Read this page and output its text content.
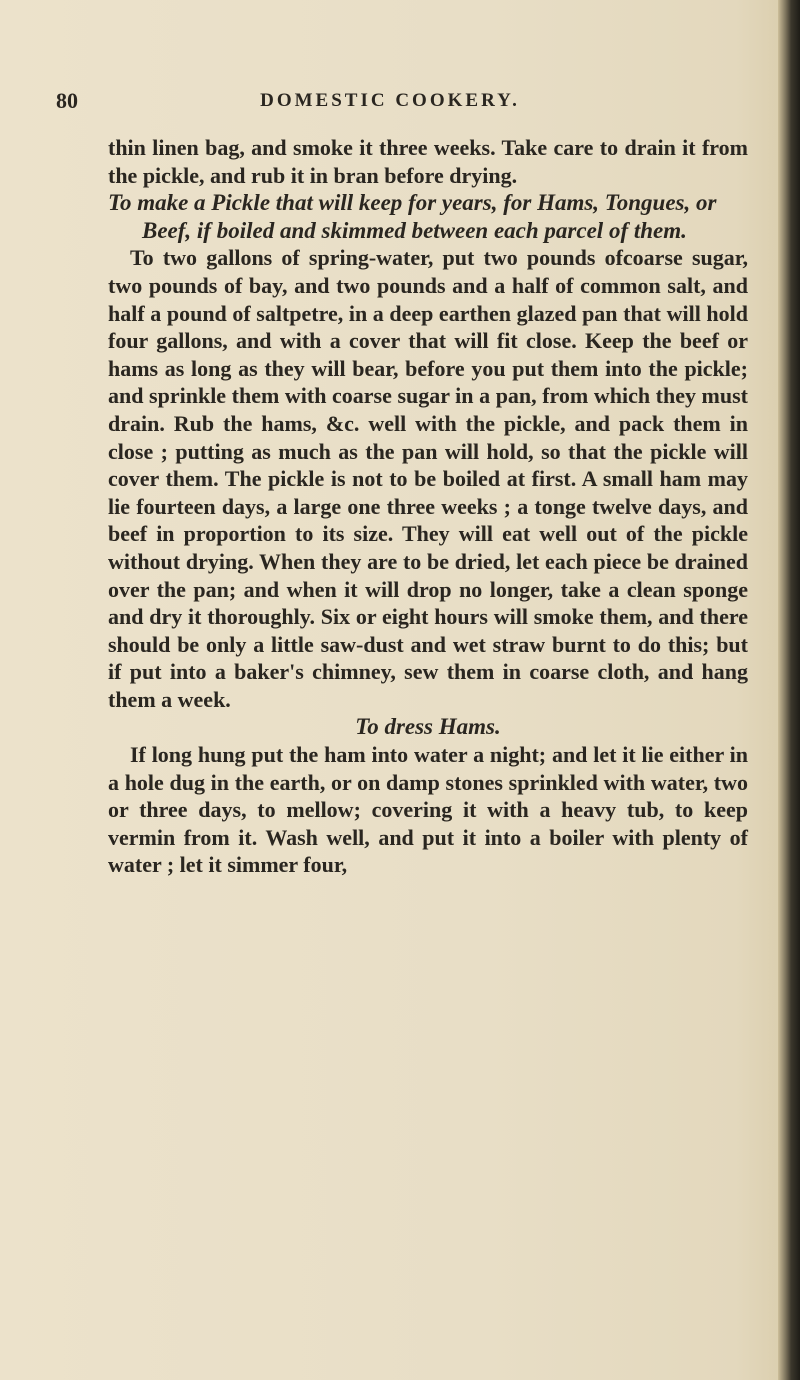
80	DOMESTIC COOKERY.

thin linen bag, and smoke it three weeks. Take care to drain it from the pickle, and rub it in bran before drying.

To make a Pickle that will keep for years, for Hams, Tongues, or Beef, if boiled and skimmed between each parcel of them.

To two gallons of spring-water, put two pounds ofcoarse sugar, two pounds of bay, and two pounds and a half of common salt, and half a pound of saltpetre, in a deep earthen glazed pan that will hold four gallons, and with a cover that will fit close. Keep the beef or hams as long as they will bear, before you put them into the pickle; and sprinkle them with coarse sugar in a pan, from which they must drain. Rub the hams, &c. well with the pickle, and pack them in close ; putting as much as the pan will hold, so that the pickle will cover them. The pickle is not to be boiled at first. A small ham may lie fourteen days, a large one three weeks ; a tonge twelve days, and beef in proportion to its size. They will eat well out of the pickle without drying. When they are to be dried, let each piece be drained over the pan; and when it will drop no longer, take a clean sponge and dry it thoroughly. Six or eight hours will smoke them, and there should be only a little saw-dust and wet straw burnt to do this; but if put into a baker's chimney, sew them in coarse cloth, and hang them a week.

To dress Hams.

If long hung put the ham into water a night; and let it lie either in a hole dug in the earth, or on damp stones sprinkled with water, two or three days, to mellow; covering it with a heavy tub, to keep vermin from it. Wash well, and put it into a boiler with plenty of water ; let it simmer four,
